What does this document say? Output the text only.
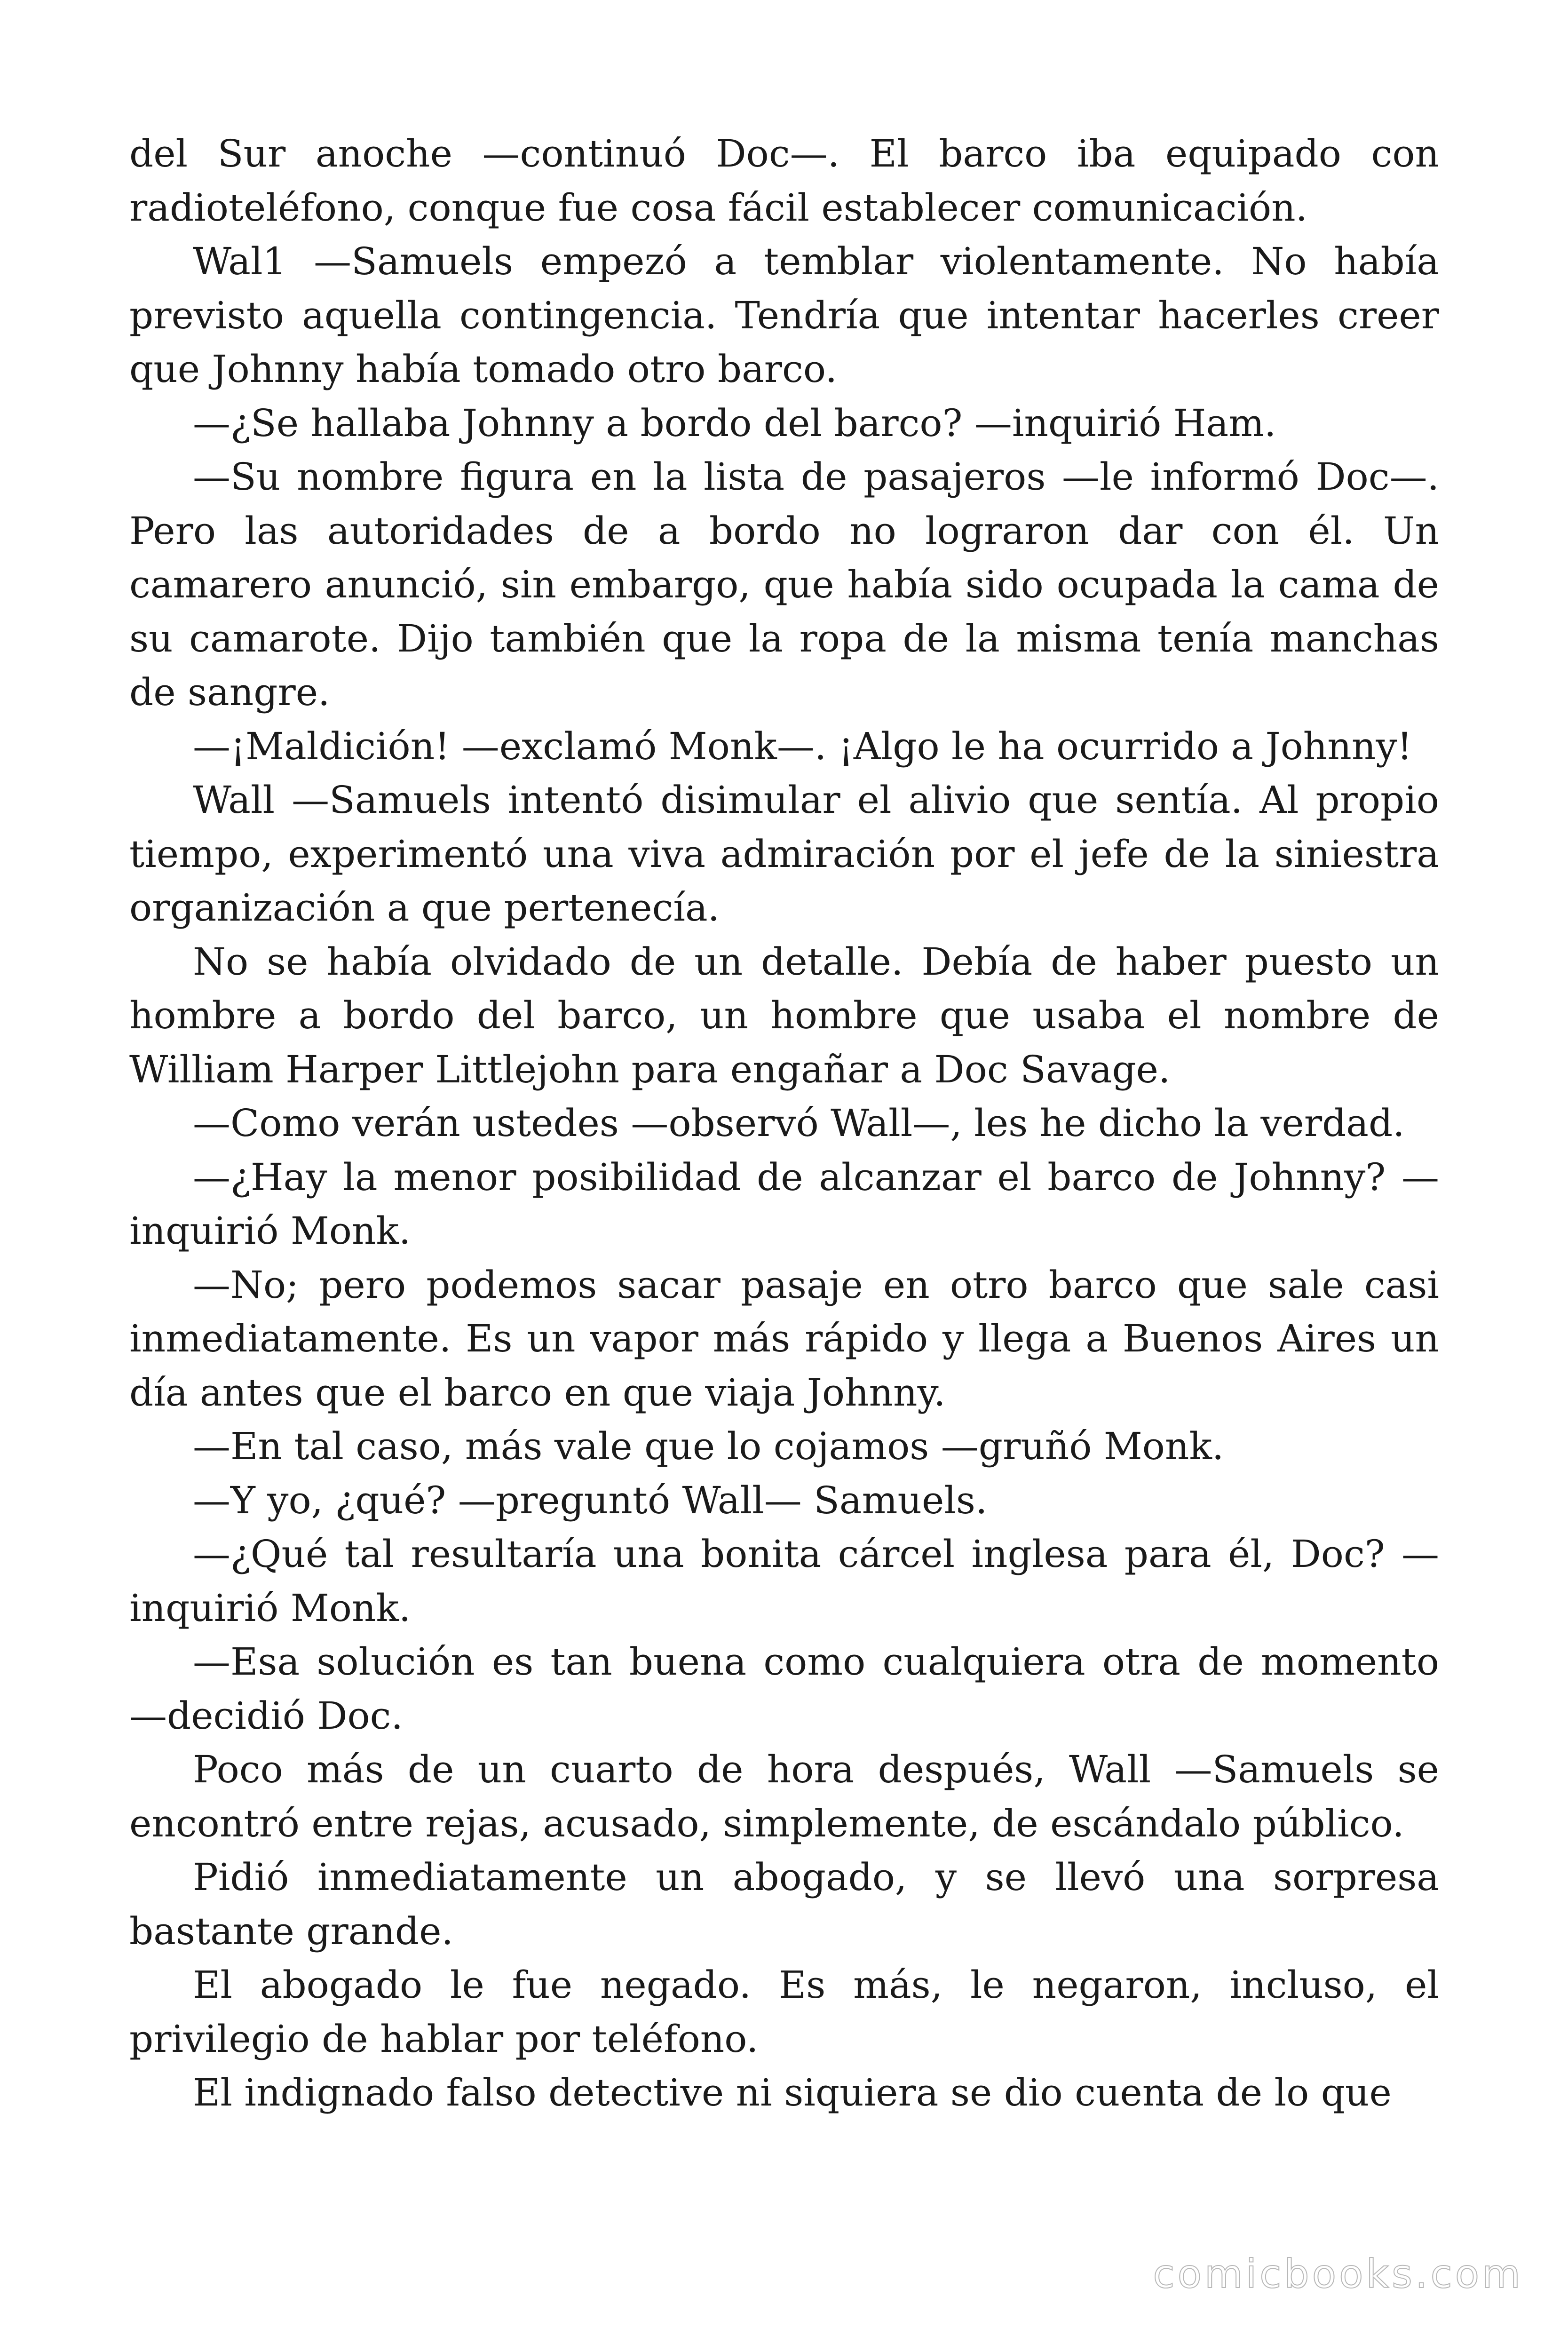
del Sur anoche —continuó Doc—. El barco iba equipado con radioteléfono, conque fue cosa fácil establecer comunicación.

Wal1 —Samuels empezó a temblar violentamente. No había previsto aquella contingencia. Tendría que intentar hacerles creer que Johnny había tomado otro barco.

—¿Se hallaba Johnny a bordo del barco? —inquirió Ham.

—Su nombre figura en la lista de pasajeros —le informó Doc—. Pero las autoridades de a bordo no lograron dar con él. Un camarero anunció, sin embargo, que había sido ocupada la cama de su camarote. Dijo también que la ropa de la misma tenía manchas de sangre.

—¡Maldición! —exclamó Monk—. ¡Algo le ha ocurrido a Johnny!

Wall —Samuels intentó disimular el alivio que sentía. Al propio tiempo, experimentó una viva admiración por el jefe de la siniestra organización a que pertenecía.

No se había olvidado de un detalle. Debía de haber puesto un hombre a bordo del barco, un hombre que usaba el nombre de William Harper Littlejohn para engañar a Doc Savage.

—Como verán ustedes —observó Wall—, les he dicho la verdad.

—¿Hay la menor posibilidad de alcanzar el barco de Johnny? —inquirió Monk.

—No; pero podemos sacar pasaje en otro barco que sale casi inmediatamente. Es un vapor más rápido y llega a Buenos Aires un día antes que el barco en que viaja Johnny.

—En tal caso, más vale que lo cojamos —gruñó Monk.

—Y yo, ¿qué? —preguntó Wall— Samuels.

—¿Qué tal resultaría una bonita cárcel inglesa para él, Doc? —inquirió Monk.

—Esa solución es tan buena como cualquiera otra de momento —decidió Doc.

Poco más de un cuarto de hora después, Wall —Samuels se encontró entre rejas, acusado, simplemente, de escándalo público.

Pidió inmediatamente un abogado, y se llevó una sorpresa bastante grande.

El abogado le fue negado. Es más, le negaron, incluso, el privilegio de hablar por teléfono.

El indignado falso detective ni siquiera se dio cuenta de lo que

comicbooks.com
